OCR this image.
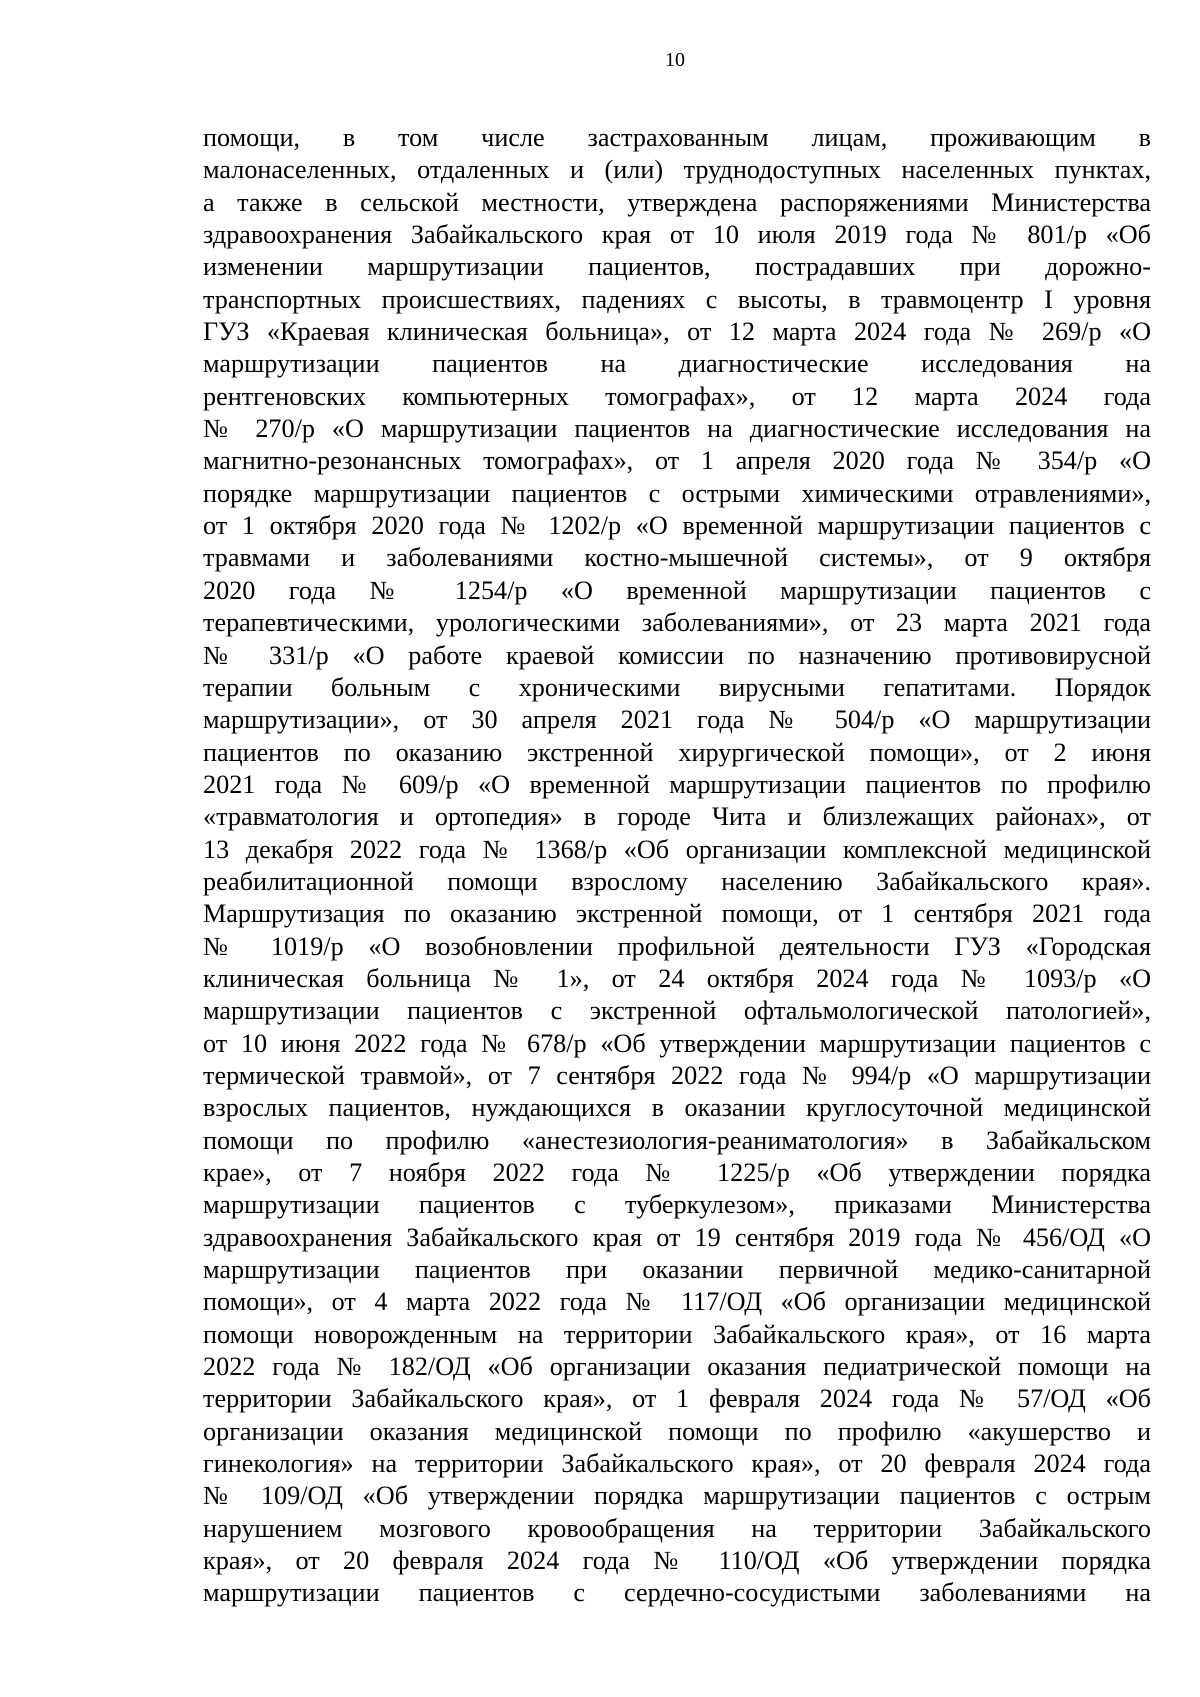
10
помощи, в том числе застрахованным лицам, проживающим в
малонаселенных, отдаленных и (или) труднодоступных населенных пунктах,
а также в сельской местности, утверждена распоряжениями Министерства
здравоохранения Забайкальского края от 10 июля 2019 года № 801/р «Об
изменении маршрутизации пациентов, пострадавших при дорожно-
транспортных происшествиях, падениях с высоты, в травмоцентр I уровня
ГУЗ «Краевая клиническая больница», от 12 марта 2024 года № 269/р «О
маршрутизации пациентов на диагностические исследования на
рентгеновских компьютерных томографах», от 12 марта 2024 года
№ 270/р «О маршрутизации пациентов на диагностические исследования на
магнитно-резонансных томографах», от 1 апреля 2020 года № 354/р «О
порядке маршрутизации пациентов с острыми химическими отравлениями»,
от 1 октября 2020 года № 1202/р «О временной маршрутизации пациентов с
травмами и заболеваниями костно-мышечной системы», от 9 октября
2020 года № 1254/р «О временной маршрутизации пациентов с
терапевтическими, урологическими заболеваниями», от 23 марта 2021 года
№ 331/р «О работе краевой комиссии по назначению противовирусной
терапии больным с хроническими вирусными гепатитами. Порядок
маршрутизации», от 30 апреля 2021 года № 504/р «О маршрутизации
пациентов по оказанию экстренной хирургической помощи», от 2 июня
2021 года № 609/р «О временной маршрутизации пациентов по профилю
«травматология и ортопедия» в городе Чита и близлежащих районах», от
13 декабря 2022 года № 1368/р «Об организации комплексной медицинской
реабилитационной помощи взрослому населению Забайкальского края».
Маршрутизация по оказанию экстренной помощи, от 1 сентября 2021 года
№ 1019/р «О возобновлении профильной деятельности ГУЗ «Городская
клиническая больница № 1», от 24 октября 2024 года № 1093/р «О
маршрутизации пациентов с экстренной офтальмологической патологией»,
от 10 июня 2022 года № 678/р «Об утверждении маршрутизации пациентов с
термической травмой», от 7 сентября 2022 года № 994/р «О маршрутизации
взрослых пациентов, нуждающихся в оказании круглосуточной медицинской
помощи по профилю «анестезиология-реаниматология» в Забайкальском
крае», от 7 ноября 2022 года № 1225/р «Об утверждении порядка
маршрутизации пациентов с туберкулезом», приказами Министерства
здравоохранения Забайкальского края от 19 сентября 2019 года № 456/ОД «О
маршрутизации пациентов при оказании первичной медико-санитарной
помощи», от 4 марта 2022 года № 117/ОД «Об организации медицинской
помощи новорожденным на территории Забайкальского края», от 16 марта
2022 года № 182/ОД «Об организации оказания педиатрической помощи на
территории Забайкальского края», от 1 февраля 2024 года № 57/ОД «Об
организации оказания медицинской помощи по профилю «акушерство и
гинекология» на территории Забайкальского края», от 20 февраля 2024 года
№ 109/ОД «Об утверждении порядка маршрутизации пациентов с острым
нарушением мозгового кровообращения на территории Забайкальского
края», от 20 февраля 2024 года № 110/ОД «Об утверждении порядка
маршрутизации пациентов с сердечно-сосудистыми заболеваниями на
